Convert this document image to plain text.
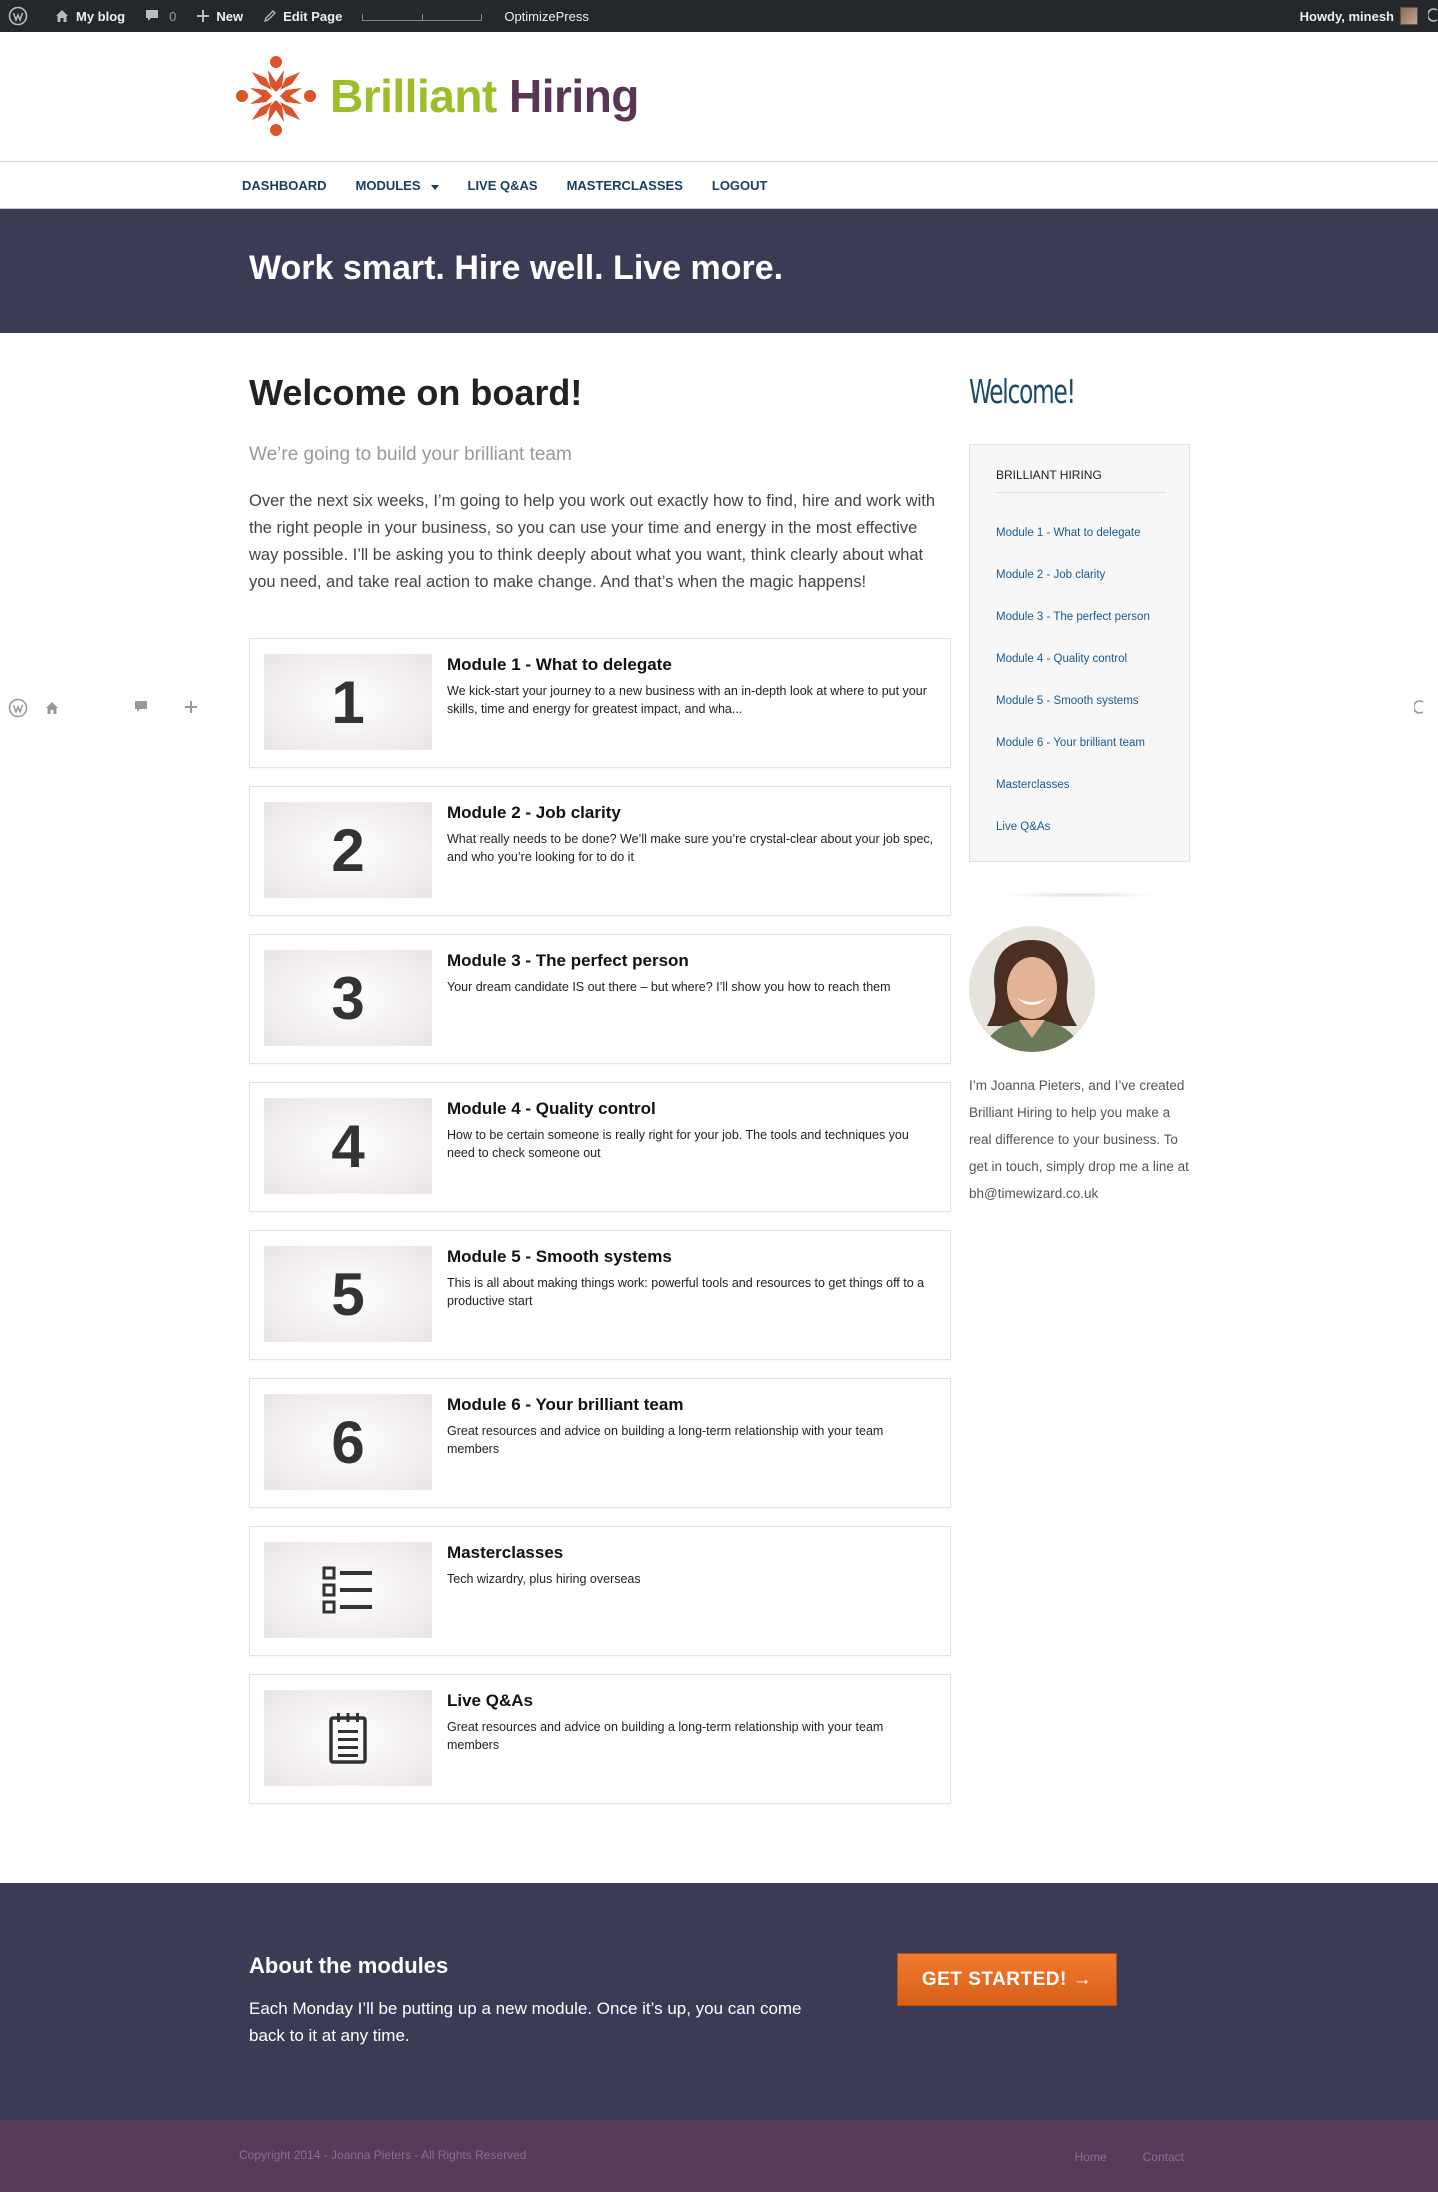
My blog	0	New	Edit Page	OptimizePress	Howdy, minesh
Brilliant Hiring
DASHBOARD MODULES	LIVE Q&AS MASTERCLASSES LOGOUT
Work smart. Hire well. Live more.
Welcome on board!
We’re going to build your brilliant team
Over the next six weeks, I’m going to help you work out exactly how to find, hire and work with the right people in your business, so you can use your time and energy in the most effective way possible. I’ll be asking you to think deeply about what you want, think clearly about what you need, and take real action to make change. And that’s when the magic happens!
1
Module 1 - What to delegate
We kick-start your journey to a new business with an in-depth look at where to put your skills, time and energy for greatest impact, and wha...
2
Module 2 - Job clarity
What really needs to be done? We’ll make sure you’re crystal-clear about your job spec, and who you’re looking for to do it
3
Module 3 - The perfect person
Your dream candidate IS out there – but where? I’ll show you how to reach them
4
Module 4 - Quality control
How to be certain someone is really right for your job. The tools and techniques you need to check someone out
5
Module 5 - Smooth systems
This is all about making things work: powerful tools and resources to get things off to a productive start
6
Module 6 - Your brilliant team
Great resources and advice on building a long-term relationship with your team members
Masterclasses
Tech wizardry, plus hiring overseas
Live Q&As
Great resources and advice on building a long-term relationship with your team members
Welcome!
BRILLIANT HIRING
Module 1 - What to delegate
Module 2 - Job clarity
Module 3 - The perfect person
Module 4 - Quality control
Module 5 - Smooth systems
Module 6 - Your brilliant team
Masterclasses
Live Q&As
I’m Joanna Pieters, and I’ve created Brilliant Hiring to help you make a real difference to your business. To get in touch, simply drop me a line at bh@timewizard.co.uk
About the modules

Each Monday I’ll be putting up a new module. Once it’s up, you can come back to it at any time.

GET STARTED! →
Copyright 2014 - Joanna Pieters - All Rights Reserved	Home	Contact
